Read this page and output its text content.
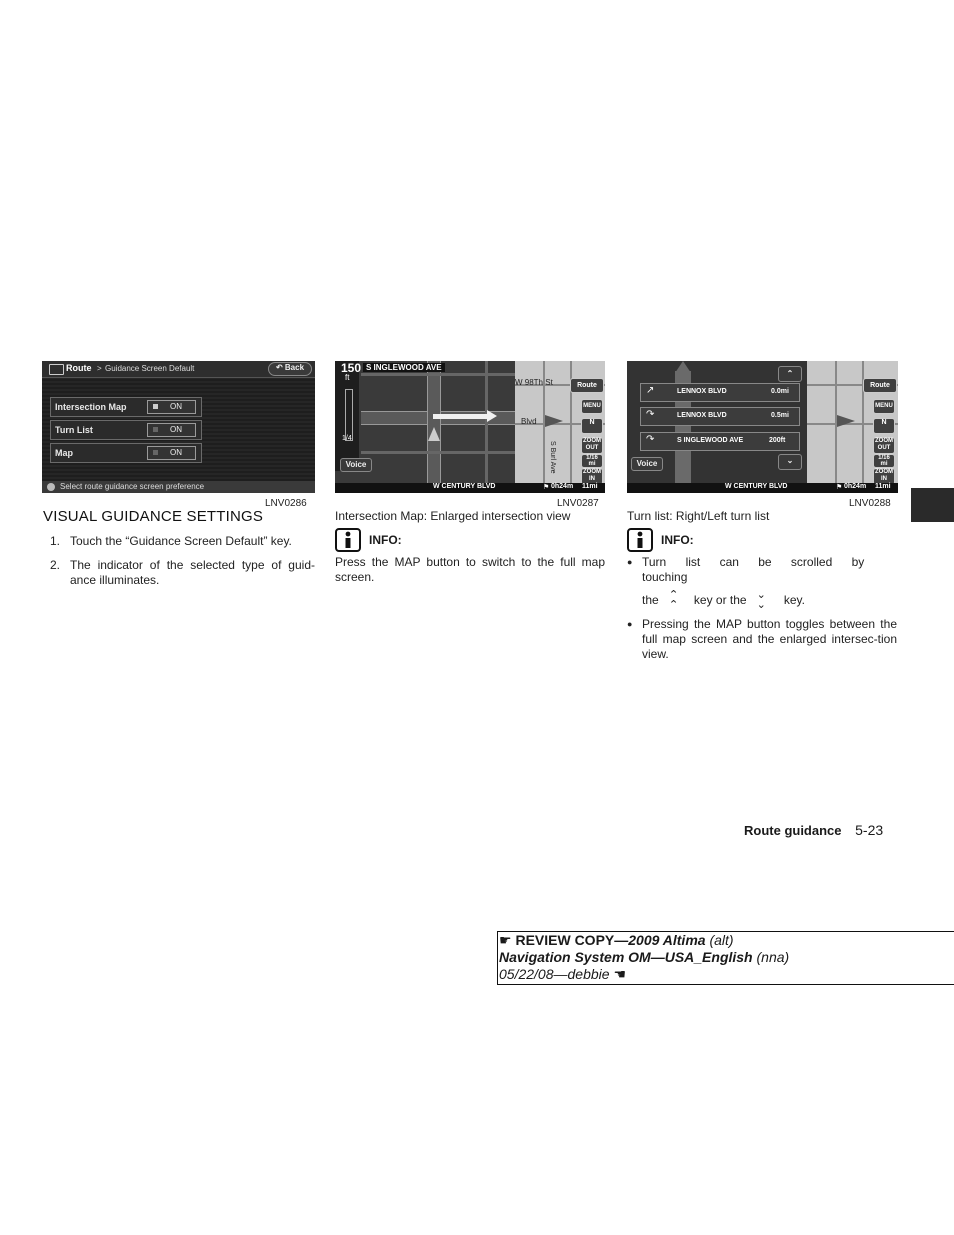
Route > Guidance Screen Default	↶ Back
Intersection Map	ON
Turn List	ON
Map	ON
Select route guidance screen preference
LNV0286
150
ft
1/4
S INGLEWOOD AVE
Voice
W 98Th St
Blvd
S Burl Ave
Route
MENU
N
ZOOM OUT
1/16 mi
ZOOM IN
W CENTURY BLVD	⚑ 0h24m 11mi
LNV0287
⌃
⌄
↗	LENNOX BLVD	0.0mi
↷	LENNOX BLVD	0.5mi
↷	S INGLEWOOD AVE	200ft
Voice
Route
MENU
N
ZOOM OUT
1/16 mi
ZOOM IN
W CENTURY BLVD	⚑ 0h24m 11mi
LNV0288
VISUAL GUIDANCE SETTINGS
1. Touch the “Guidance Screen Default” key.
2. The indicator of the selected type of guid-ance illuminates.
Intersection Map: Enlarged intersection view
INFO:
Press the MAP button to switch to the full map screen.
Turn list: Right/Left turn list
INFO:
● Turn list can be scrolled by touching
the ⌃
⌃ key or the ⌄
⌄ key.
● Pressing the MAP button toggles between the full map screen and the enlarged intersec-tion view.
Route guidance 5-23
☛ REVIEW COPY—2009 Altima (alt)
Navigation System OM—USA_English (nna)
05/22/08—debbie ☚
